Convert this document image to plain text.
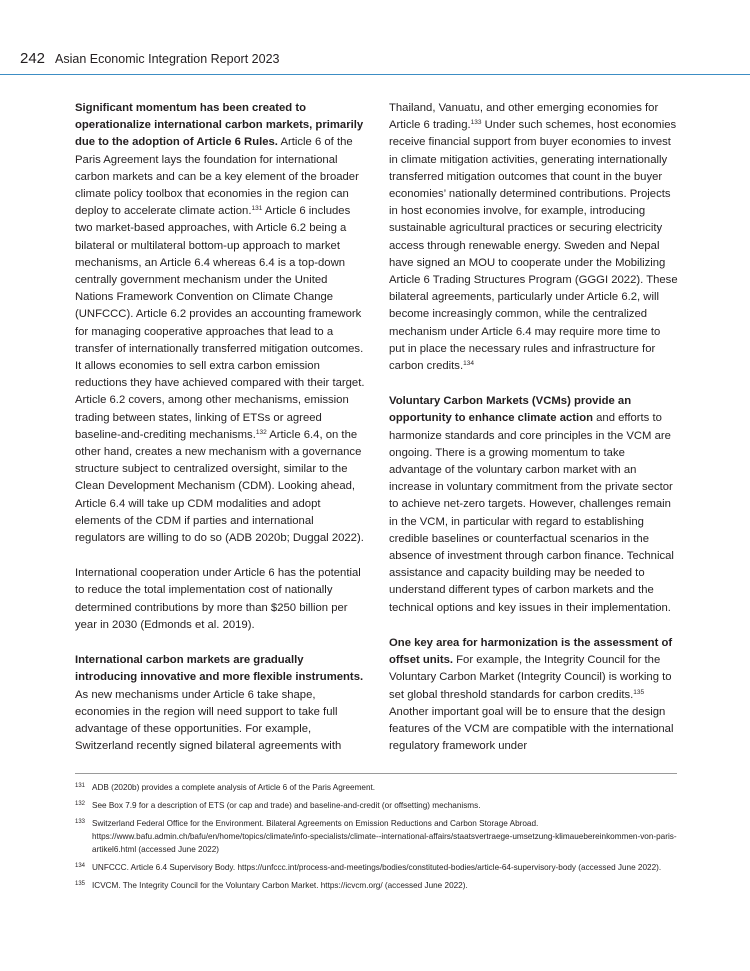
242 Asian Economic Integration Report 2023

Significant momentum has been created to operationalize international carbon markets, primarily due to the adoption of Article 6 Rules. Article 6 of the Paris Agreement lays the foundation for international carbon markets and can be a key element of the broader climate policy toolbox that economies in the region can deploy to accelerate climate action.$^{131}$ Article 6 includes two market-based approaches, with Article 6.2 being a bilateral or multilateral bottom-up approach to market mechanisms, an Article 6.4 whereas 6.4 is a top-down centrally government mechanism under the United Nations Framework Convention on Climate Change (UNFCCC). Article 6.2 provides an accounting framework for managing cooperative approaches that lead to a transfer of internationally transferred mitigation outcomes. It allows economies to sell extra carbon emission reductions they have achieved compared with their target. Article 6.2 covers, among other mechanisms, emission trading between states, linking of ETSs or agreed baseline-and-crediting mechanisms.$^{132}$ Article 6.4, on the other hand, creates a new mechanism with a governance structure subject to centralized oversight, similar to the Clean Development Mechanism (CDM). Looking ahead, Article 6.4 will take up CDM modalities and adopt elements of the CDM if parties and international regulators are willing to do so (ADB 2020b; Duggal 2022).

International cooperation under Article 6 has the potential to reduce the total implementation cost of nationally determined contributions by more than $250 billion per year in 2030 (Edmonds et al. 2019).

International carbon markets are gradually introducing innovative and more flexible instruments. As new mechanisms under Article 6 take shape, economies in the region will need support to take full advantage of these opportunities. For example, Switzerland recently signed bilateral agreements with

Thailand, Vanuatu, and other emerging economies for Article 6 trading.$^{133}$ Under such schemes, host economies receive financial support from buyer economies to invest in climate mitigation activities, generating internationally transferred mitigation outcomes that count in the buyer economies’ nationally determined contributions. Projects in host economies involve, for example, introducing sustainable agricultural practices or securing electricity access through renewable energy. Sweden and Nepal have signed an MOU to cooperate under the Mobilizing Article 6 Trading Structures Program (GGGI 2022). These bilateral agreements, particularly under Article 6.2, will become increasingly common, while the centralized mechanism under Article 6.4 may require more time to put in place the necessary rules and infrastructure for carbon credits.$^{134}$

Voluntary Carbon Markets (VCMs) provide an opportunity to enhance climate action and efforts to harmonize standards and core principles in the VCM are ongoing. There is a growing momentum to take advantage of the voluntary carbon market with an increase in voluntary commitment from the private sector to achieve net-zero targets. However, challenges remain in the VCM, in particular with regard to establishing credible baselines or counterfactual scenarios in the absence of investment through carbon finance. Technical assistance and capacity building may be needed to understand different types of carbon markets and the technical options and key issues in their implementation.

One key area for harmonization is the assessment of offset units. For example, the Integrity Council for the Voluntary Carbon Market (Integrity Council) is working to set global threshold standards for carbon credits.$^{135}$ Another important goal will be to ensure that the design features of the VCM are compatible with the international regulatory framework under

131 ADB (2020b) provides a complete analysis of Article 6 of the Paris Agreement.
132 See Box 7.9 for a description of ETS (or cap and trade) and baseline-and-credit (or offsetting) mechanisms.
133 Switzerland Federal Office for the Environment. Bilateral Agreements on Emission Reductions and Carbon Storage Abroad. https://www.bafu.admin.ch/bafu/en/home/topics/climate/info-specialists/climate--international-affairs/staatsvertraege-umsetzung-klimauebereinkommen-von-paris-artikel6.html (accessed June 2022)
134 UNFCCC. Article 6.4 Supervisory Body. https://unfccc.int/process-and-meetings/bodies/constituted-bodies/article-64-supervisory-body (accessed June 2022).
135 ICVCM. The Integrity Council for the Voluntary Carbon Market. https://icvcm.org/ (accessed June 2022).
